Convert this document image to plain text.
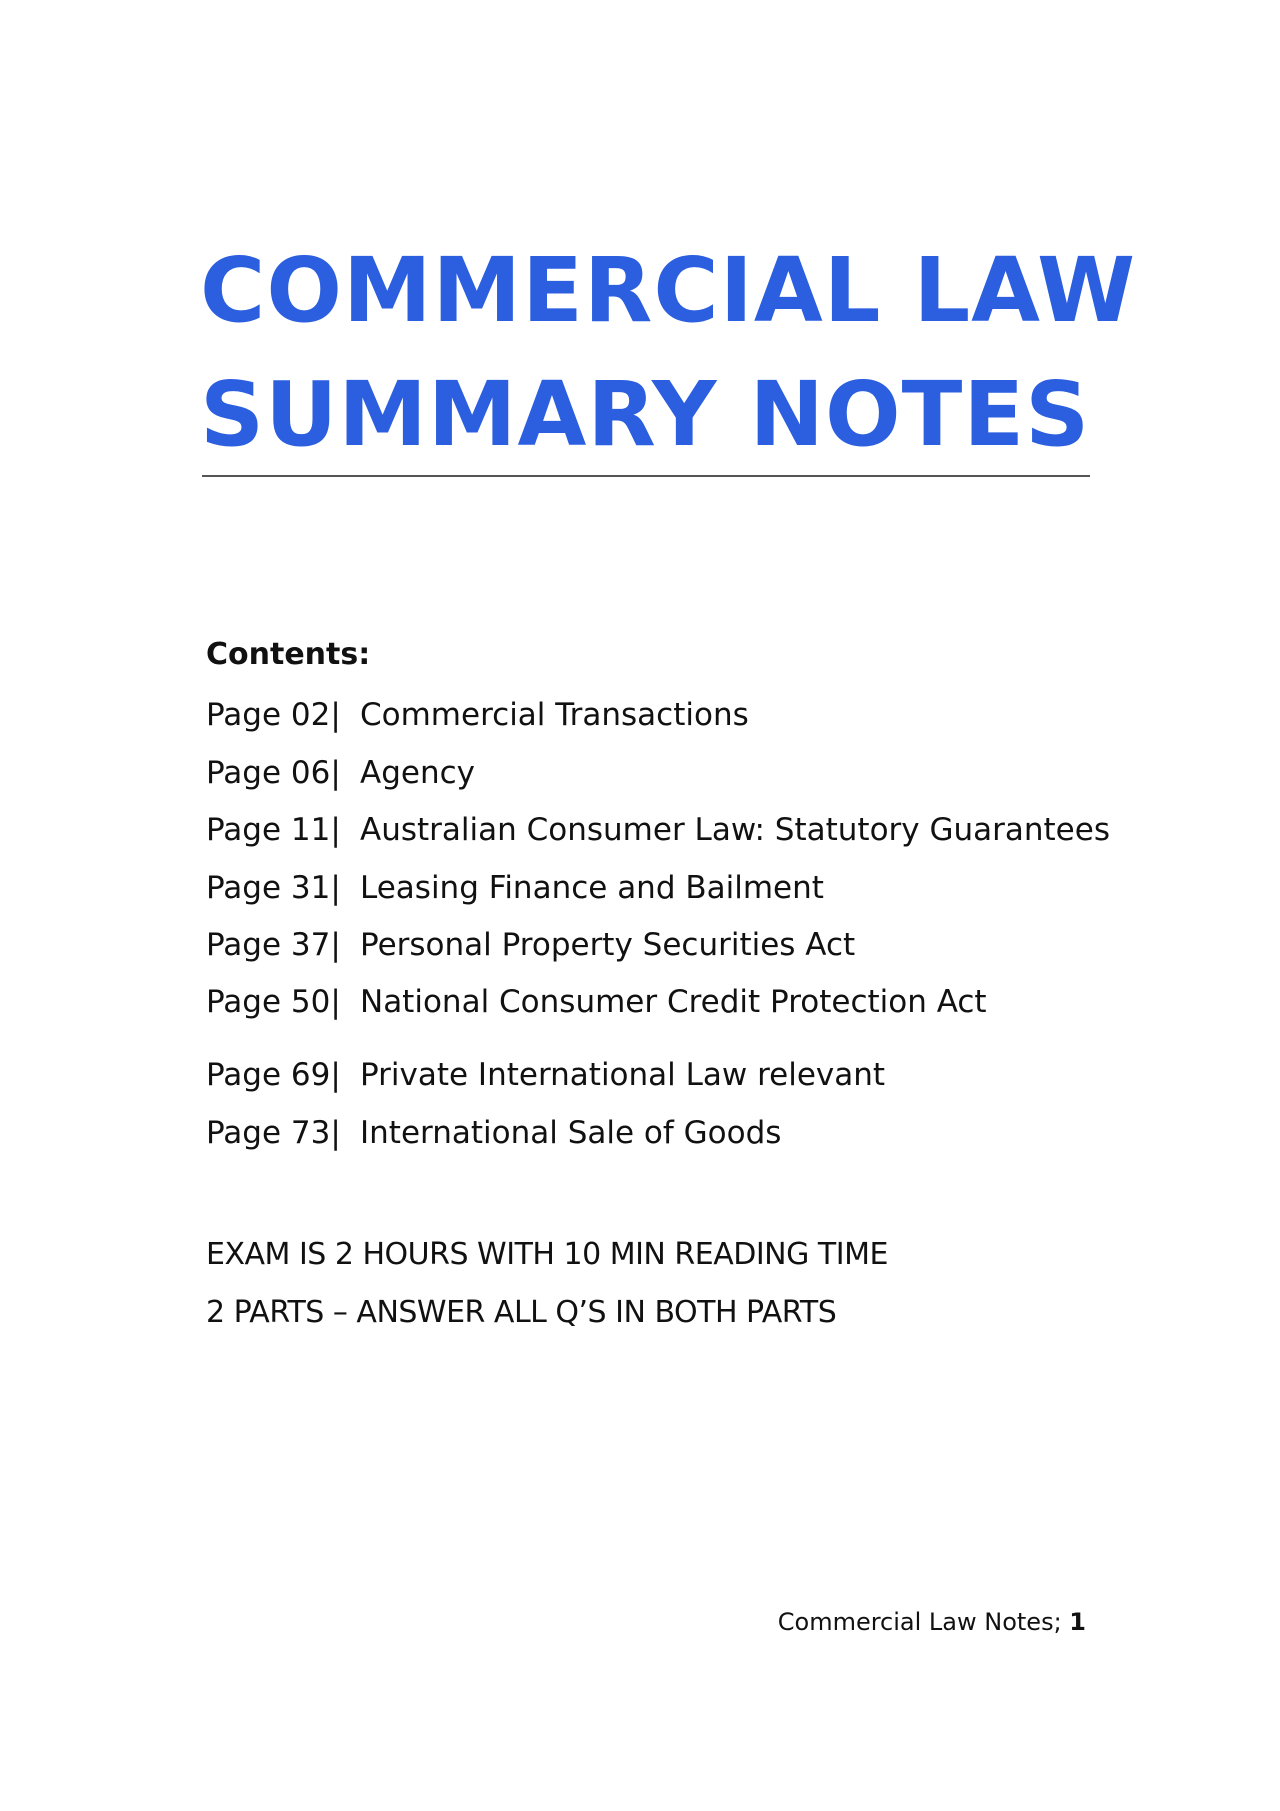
COMMERCIAL LAW
SUMMARY NOTES
Contents:
Page 02| Commercial Transactions
Page 06| Agency
Page 11| Australian Consumer Law: Statutory Guarantees
Page 31| Leasing Finance and Bailment
Page 37| Personal Property Securities Act
Page 50| National Consumer Credit Protection Act
Page 69| Private International Law relevant
Page 73| International Sale of Goods
EXAM IS 2 HOURS WITH 10 MIN READING TIME
2 PARTS – ANSWER ALL Q’S IN BOTH PARTS
Commercial Law Notes; 1
